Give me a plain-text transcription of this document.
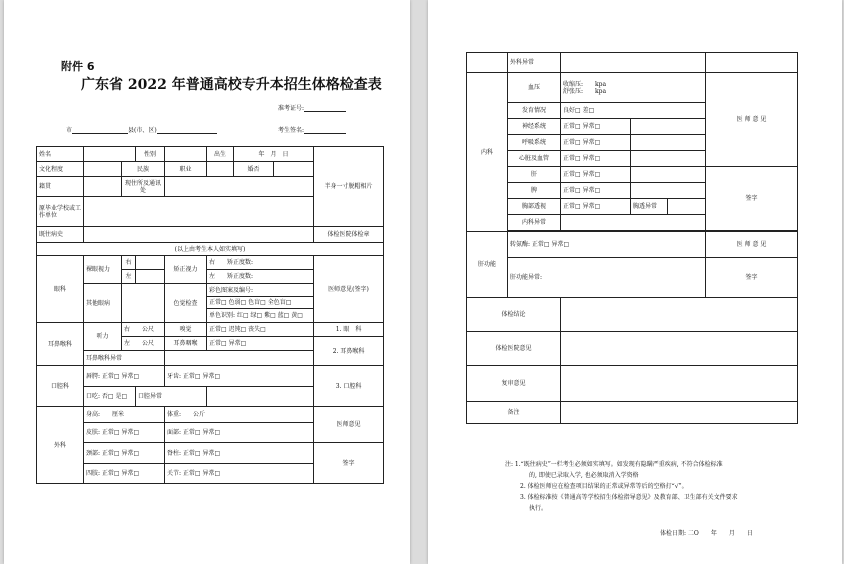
附件 6
广东省 2022 年普通高校专升本招生体格检查表
准考证号:
市	县(市、区)	考生签名:
姓名			性别		出生	年　月　日		半身一寸脱帽相片
文化程度		民族		职业		婚否		
籍贯		现住所及通讯处						
原毕业学校或工作单位								
既往病史								体检医院体检章
(以上由考生本人如实填写)								
眼科	裸眼视力	右		矫正视力	右　　矫正度数:			医师意见(签字)
		左			左　　矫正度数:			
	其他眼病			色觉检查	彩色图案及编号:			
					正常□ 色弱□ 色盲□ 全色盲□			
					单色识别: 红□ 绿□ 紫□ 蓝□ 黄□			
耳鼻喉科	听力	右　　公尺		嗅觉	正常□ 迟钝□ 丧失□			1. 眼　科
		左　　公尺		耳鼻咽喉	正常□ 异常□			2. 耳鼻喉科
	耳鼻喉科异常							
口腔科	唇腭: 正常□ 异常□			牙齿: 正常□ 异常□				3. 口腔科
	口吃: 否□ 是□		口腔异常					
外科	身高:　　厘米			体重:　　公斤				医师意见
	皮肤: 正常□ 异常□			面部: 正常□ 异常□				
	颈部: 正常□ 异常□			脊柱: 正常□ 异常□				签字
	四肢: 正常□ 异常□			关节: 正常□ 异常□				
	外科异常				
内科	血压	收缩压:　　kpa
舒张压:　　kpa			医 师 意 见
	发育情况	良好□ 差□			
	神经系统	正常□ 异常□			
	呼吸系统	正常□ 异常□			
	心脏及血管	正常□ 异常□			
	肝	正常□ 异常□			签字
	脾	正常□ 异常□			
	胸部透视	正常□ 异常□	胸透异常		
	内科异常				

肝功能	转氨酶: 正常□ 异常□				医 师 意 见
	肝功能异常:				签字
体检结论					
体检医院意见					
复审意见					
备注					
注: 1.“既往病史”一栏考生必须如实填写。如发现有隐瞒严重疾病, 不符合体检标准
的, 即使已录取入学, 也必须取消入学资格
2. 体检医师应在检查项目结果的正常或异常等后的空格打“√”。
3. 体检标准按《普通高等学校招生体检指导意见》及教育部、卫生部有关文件要求
执行。
体检日期: 二O　　年　　月　　日
